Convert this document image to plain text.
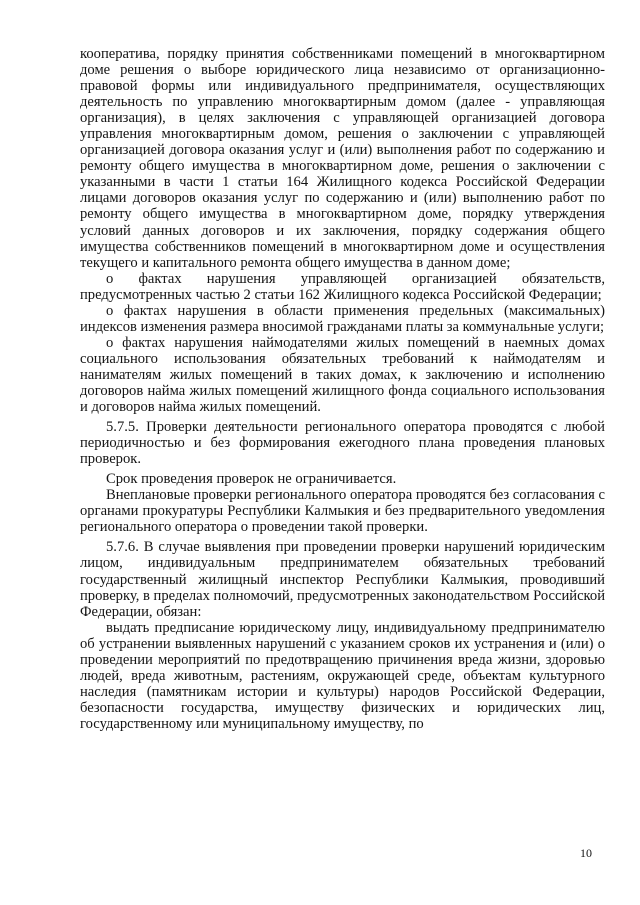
кооператива, порядку принятия собственниками помещений в многоквартирном доме решения о выборе юридического лица независимо от организационно-правовой формы или индивидуального предпринимателя, осуществляющих деятельность по управлению многоквартирным домом (далее - управляющая организация), в целях заключения с управляющей организацией договора управления многоквартирным домом, решения о заключении с управляющей организацией договора оказания услуг и (или) выполнения работ по содержанию и ремонту общего имущества в многоквартирном доме, решения о заключении с указанными в части 1 статьи 164 Жилищного кодекса Российской Федерации лицами договоров оказания услуг по содержанию и (или) выполнению работ по ремонту общего имущества в многоквартирном доме, порядку утверждения условий данных договоров и их заключения, порядку содержания общего имущества собственников помещений в многоквартирном доме и осуществления текущего и капитального ремонта общего имущества в данном доме;

о фактах нарушения управляющей организацией обязательств, предусмотренных частью 2 статьи 162 Жилищного кодекса Российской Федерации;

о фактах нарушения в области применения предельных (максимальных) индексов изменения размера вносимой гражданами платы за коммунальные услуги;

о фактах нарушения наймодателями жилых помещений в наемных домах социального использования обязательных требований к наймодателям и нанимателям жилых помещений в таких домах, к заключению и исполнению договоров найма жилых помещений жилищного фонда социального использования и договоров найма жилых помещений.

5.7.5. Проверки деятельности регионального оператора проводятся с любой периодичностью и без формирования ежегодного плана проведения плановых проверок.

Срок проведения проверок не ограничивается.

Внеплановые проверки регионального оператора проводятся без согласования с органами прокуратуры Республики Калмыкия и без предварительного уведомления регионального оператора о проведении такой проверки.

5.7.6. В случае выявления при проведении проверки нарушений юридическим лицом, индивидуальным предпринимателем обязательных требований государственный жилищный инспектор Республики Калмыкия, проводивший проверку, в пределах полномочий, предусмотренных законодательством Российской Федерации, обязан:

выдать предписание юридическому лицу, индивидуальному предпринимателю об устранении выявленных нарушений с указанием сроков их устранения и (или) о проведении мероприятий по предотвращению причинения вреда жизни, здоровью людей, вреда животным, растениям, окружающей среде, объектам культурного наследия (памятникам истории и культуры) народов Российской Федерации, безопасности государства, имуществу физических и юридических лиц, государственному или муниципальному имуществу, по

10
